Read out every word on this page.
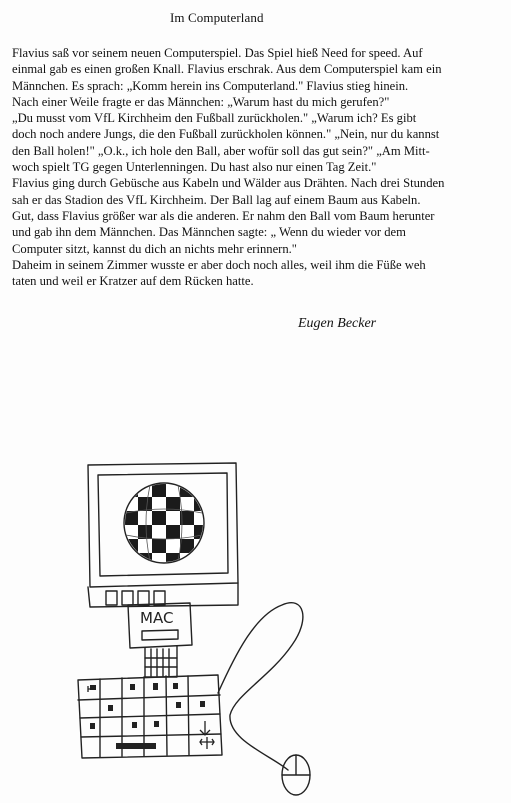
Im Computerland
Flavius saß vor seinem neuen Computerspiel. Das Spiel hieß Need for speed. Auf
einmal gab es einen großen Knall. Flavius erschrak. Aus dem Computerspiel kam ein
Männchen. Es sprach: „Komm herein ins Computerland." Flavius stieg hinein.
Nach einer Weile fragte er das Männchen: „Warum hast du mich gerufen?"
„Du musst vom VfL Kirchheim den Fußball zurückholen." „Warum ich? Es gibt
doch noch andere Jungs, die den Fußball zurückholen können." „Nein, nur du kannst
den Ball holen!" „O.k., ich hole den Ball, aber wofür soll das gut sein?" „Am Mitt-
woch spielt TG gegen Unterlenningen. Du hast also nur einen Tag Zeit."
Flavius ging durch Gebüsche aus Kabeln und Wälder aus Drähten. Nach drei Stunden
sah er das Stadion des VfL Kirchheim. Der Ball lag auf einem Baum aus Kabeln.
Gut, dass Flavius größer war als die anderen. Er nahm den Ball vom Baum herunter
und gab ihn dem Männchen. Das Männchen sagte: „ Wenn du wieder vor dem
Computer sitzt, kannst du dich an nichts mehr erinnern."
Daheim in seinem Zimmer wusste er aber doch noch alles, weil ihm die Füße weh
taten und weil er Kratzer auf dem Rücken hatte.
Eugen Becker
MAC
